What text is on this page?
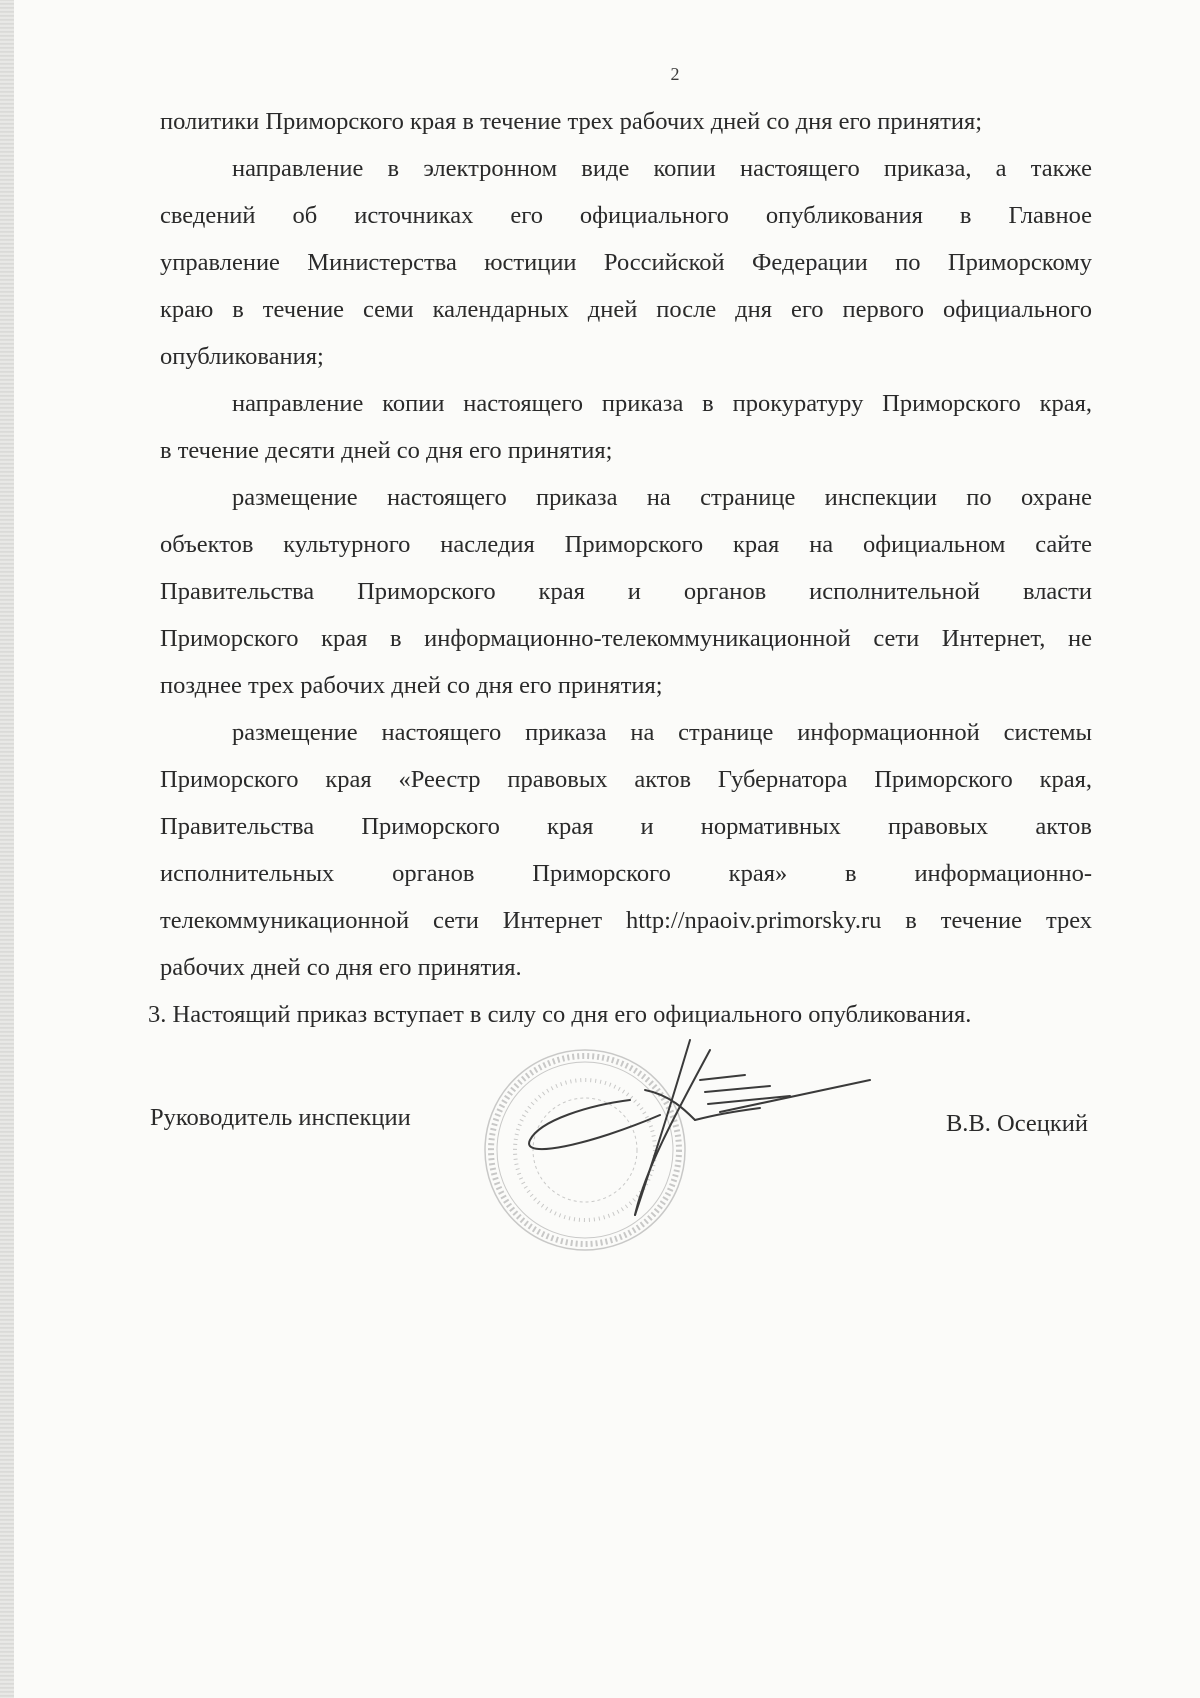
2
политики Приморского края в течение трех рабочих дней со дня его принятия;
направление в электронном виде копии настоящего приказа, а также
сведений об источниках его официального опубликования в Главное
управление Министерства юстиции Российской Федерации по Приморскому
краю в течение семи календарных дней после дня его первого официального
опубликования;
направление копии настоящего приказа в прокуратуру Приморского края,
в течение десяти дней со дня его принятия;
размещение настоящего приказа на странице инспекции по охране
объектов культурного наследия Приморского края на официальном сайте
Правительства Приморского края и органов исполнительной власти
Приморского края в информационно-телекоммуникационной сети Интернет, не
позднее трех рабочих дней со дня его принятия;
размещение настоящего приказа на странице информационной системы
Приморского края «Реестр правовых актов Губернатора Приморского края,
Правительства Приморского края и нормативных правовых актов
исполнительных органов Приморского края» в информационно-
телекоммуникационной сети Интернет http://npaoiv.primorsky.ru в течение трех
рабочих дней со дня его принятия.
3. Настоящий приказ вступает в силу со дня его официального опубликования.
Руководитель инспекции	В.В. Осецкий
